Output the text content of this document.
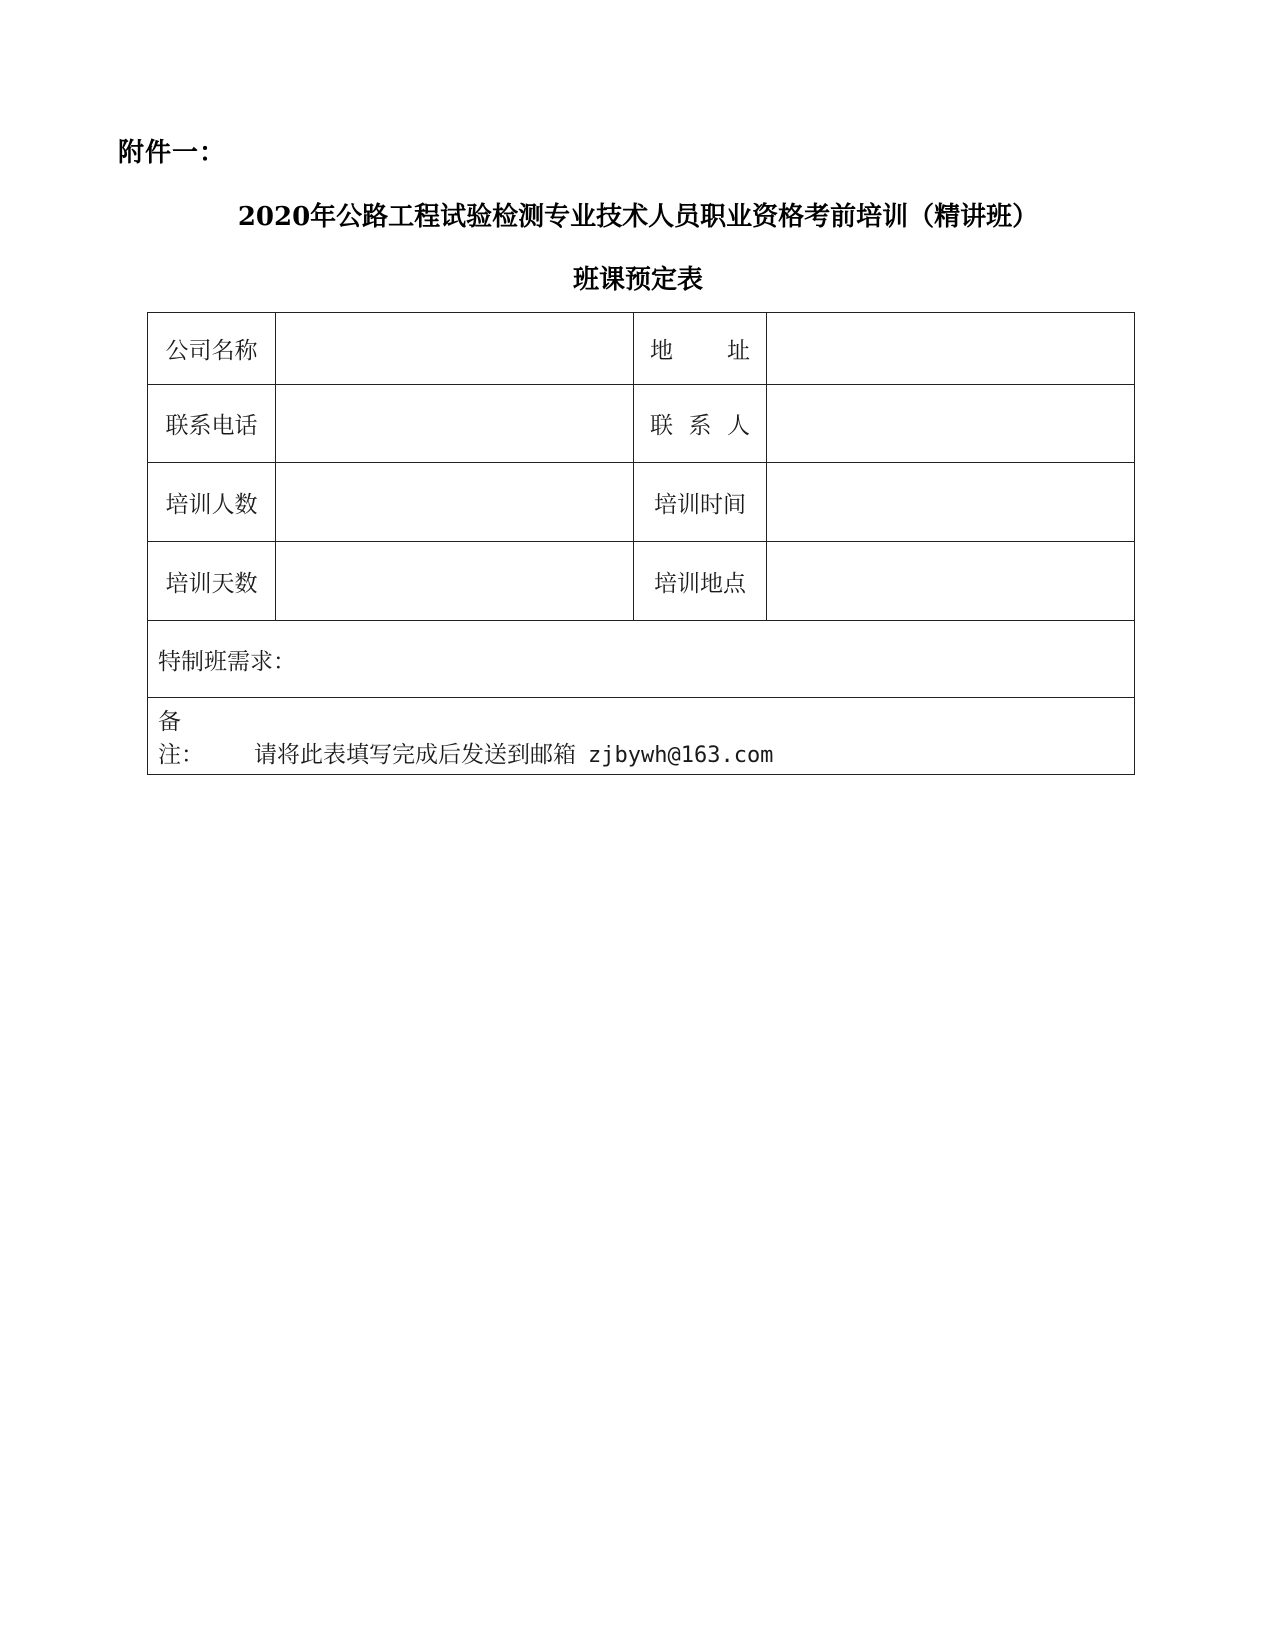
附件一：
2020年公路工程试验检测专业技术人员职业资格考前培训（精讲班）
班课预定表
公司名称		地 址	

联系电话		联 系 人	

培训人数		培训时间	
培训天数		培训地点	
特制班需求：			
备注： 请将此表填写完成后发送到邮箱 zjbywh@163.com			
